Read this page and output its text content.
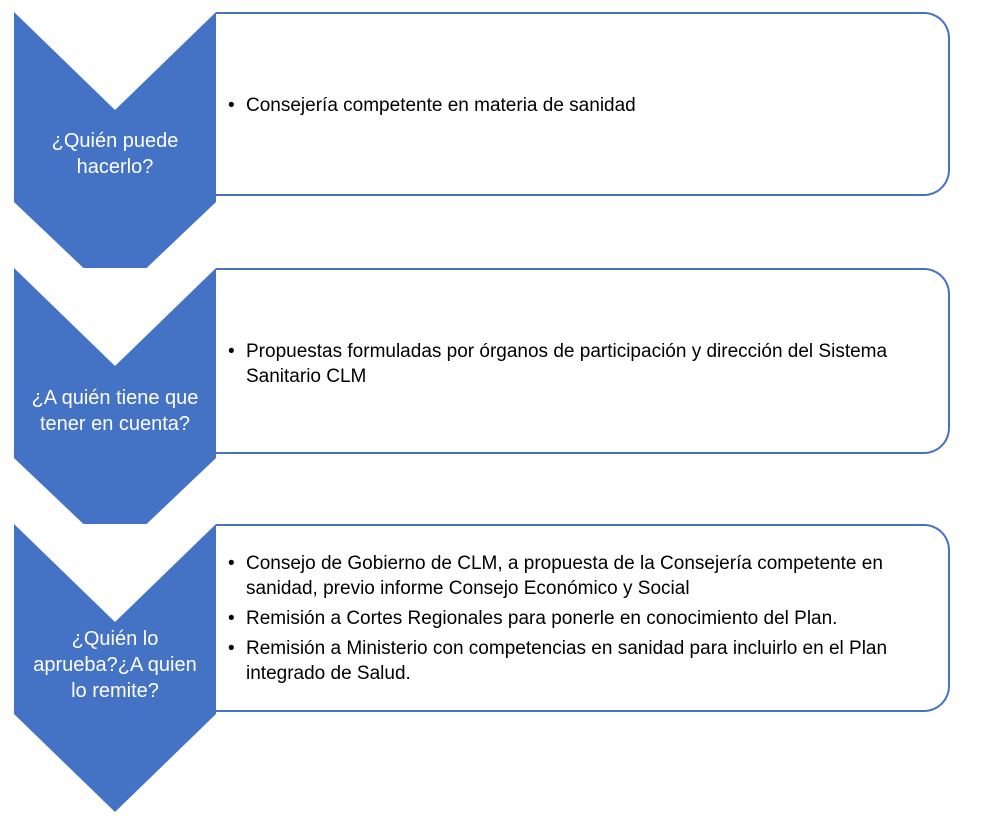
• Consejería competente en materia de sanidad
¿Quién puede
hacerlo?
• Propuestas formuladas por órganos de participación y dirección del Sistema Sanitario CLM
¿A quién tiene que
tener en cuenta?
• Consejo de Gobierno de CLM, a propuesta de la Consejería competente en sanidad, previo informe Consejo Económico y Social
• Remisión a Cortes Regionales para ponerle en conocimiento del Plan.
• Remisión a Ministerio con competencias en sanidad para incluirlo en el Plan integrado de Salud.
¿Quién lo
aprueba?¿A quien
lo remite?
